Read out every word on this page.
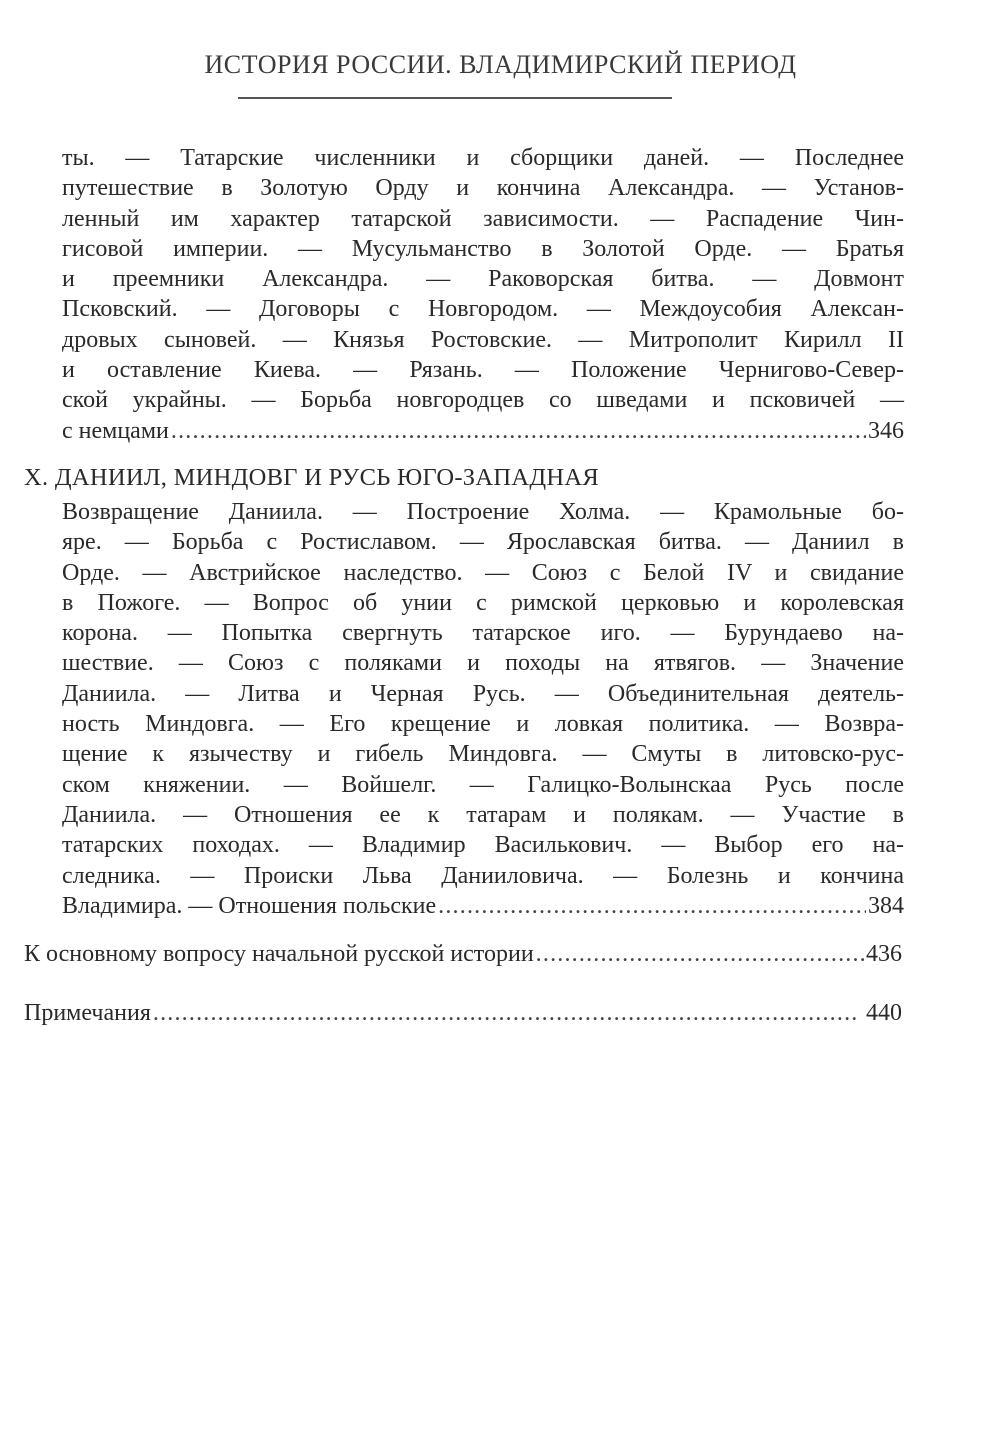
ИСТОРИЯ РОССИИ. ВЛАДИМИРСКИЙ ПЕРИОД
ты. — Татарские численники и сборщики даней. — Последнее
путешествие в Золотую Орду и кончина Александра. — Установ-
ленный им характер татарской зависимости. — Распадение Чин-
гисовой империи. — Мусульманство в Золотой Орде. — Братья
и преемники Александра. — Раковорская битва. — Довмонт
Псковский. — Договоры с Новгородом. — Междоусобия Алексан-
дровых сыновей. — Князья Ростовские. — Митрополит Кирилл II
и оставление Киева. — Рязань. — Положение Чернигово-Север-
ской украйны. — Борьба новгородцев со шведами и псковичей —
с немцами . . .	346
X. ДАНИИЛ, МИНДОВГ И РУСЬ ЮГО-ЗАПАДНАЯ
Возвращение Даниила. — Построение Холма. — Крамольные бо-
яре. — Борьба с Ростиславом. — Ярославская битва. — Даниил в
Орде. — Австрийское наследство. — Союз с Белой IV и свидание
в Пожоге. — Вопрос об унии с римской церковью и королевская
корона. — Попытка свергнуть татарское иго. — Бурундаево на-
шествие. — Союз с поляками и походы на ятвягов. — Значение
Даниила. — Литва и Черная Русь. — Объединительная деятель-
ность Миндовга. — Его крещение и ловкая политика. — Возвра-
щение к язычеству и гибель Миндовга. — Смуты в литовско-рус-
ском княжении. — Войшелг. — Галицко-Волынскаа Русь после
Даниила. — Отношения ее к татарам и полякам. — Участие в
татарских походах. — Владимир Василькович. — Выбор его на-
следника. — Происки Льва Данииловича. — Болезнь и кончина
Владимира. — Отношения польские . . .	384
К основному вопросу начальной русской истории . . .	436
Примечания . . .	440
